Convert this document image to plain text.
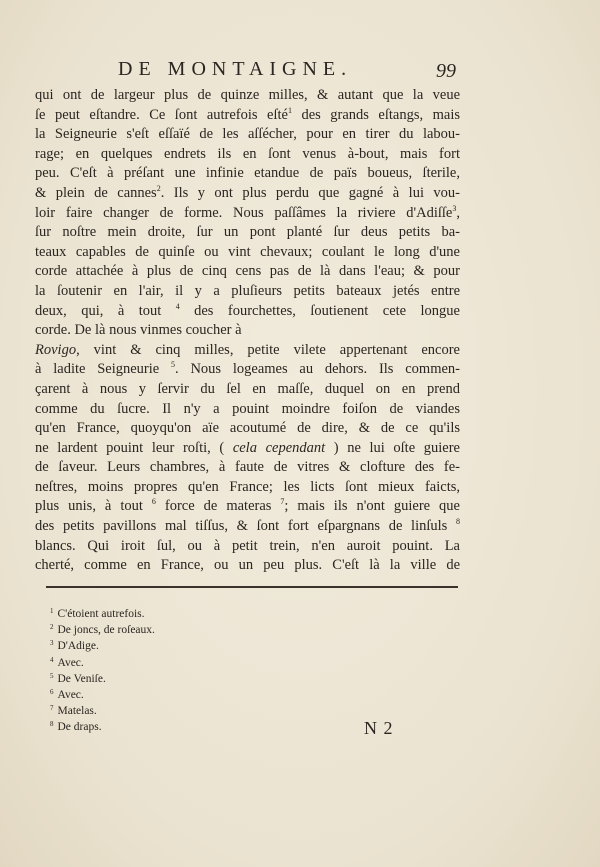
DE MONTAIGNE.	99
qui ont de largeur plus de quinze milles, & autant que la veue
ſe peut eſtandre. Ce ſont autrefois eſté$^1$ des grands eſtangs, mais
la Seigneurie s'eſt eſſaïé de les aſſécher, pour en tirer du labou-
rage; en quelques endrets ils en ſont venus à-bout, mais fort
peu. C'eſt à préſant une infinie etandue de païs boueus, ſterile,
& plein de cannes$^2$. Ils y ont plus perdu que gagné à lui vou-
loir faire changer de forme. Nous paſſâmes la riviere d'Adiſſe$^3$,
ſur noſtre mein droite, ſur un pont planté ſur deus petits ba-
teaux capables de quinſe ou vint chevaux; coulant le long d'une
corde attachée à plus de cinq cens pas de là dans l'eau; & pour
la ſoutenir en l'air, il y a pluſieurs petits bateaux jetés entre
deux, qui, à tout $^4$ des fourchettes, ſoutienent cete longue
corde. De là nous vinmes coucher à
Rovigo, vint & cinq milles, petite vilete appertenant encore
à ladite Seigneurie $^5$. Nous logeames au dehors. Ils commen-
çarent à nous y ſervir du ſel en maſſe, duquel on en prend
comme du ſucre. Il n'y a pouint moindre foiſon de viandes
qu'en France, quoyqu'on aïe acoutumé de dire, & de ce qu'ils
ne lardent pouint leur roſti, ( cela cependant ) ne lui oſte guiere
de ſaveur. Leurs chambres, à faute de vitres & clofture des fe-
neſtres, moins propres qu'en France; les licts ſont mieux faicts,
plus unis, à tout $^6$ force de materas $^7$; mais ils n'ont guiere que
des petits pavillons mal tiſſus, & ſont fort eſpargnans de linſuls $^8$
blancs. Qui iroit ſul, ou à petit trein, n'en auroit pouint. La
cherté, comme en France, ou un peu plus. C'eſt là la ville de
$^1$ C'étoient autrefois.
$^2$ De joncs, de roſeaux.
$^3$ D'Adige.
$^4$ Avec.
$^5$ De Veniſe.
$^6$ Avec.
$^7$ Matelas.
$^8$ De draps.	N 2
